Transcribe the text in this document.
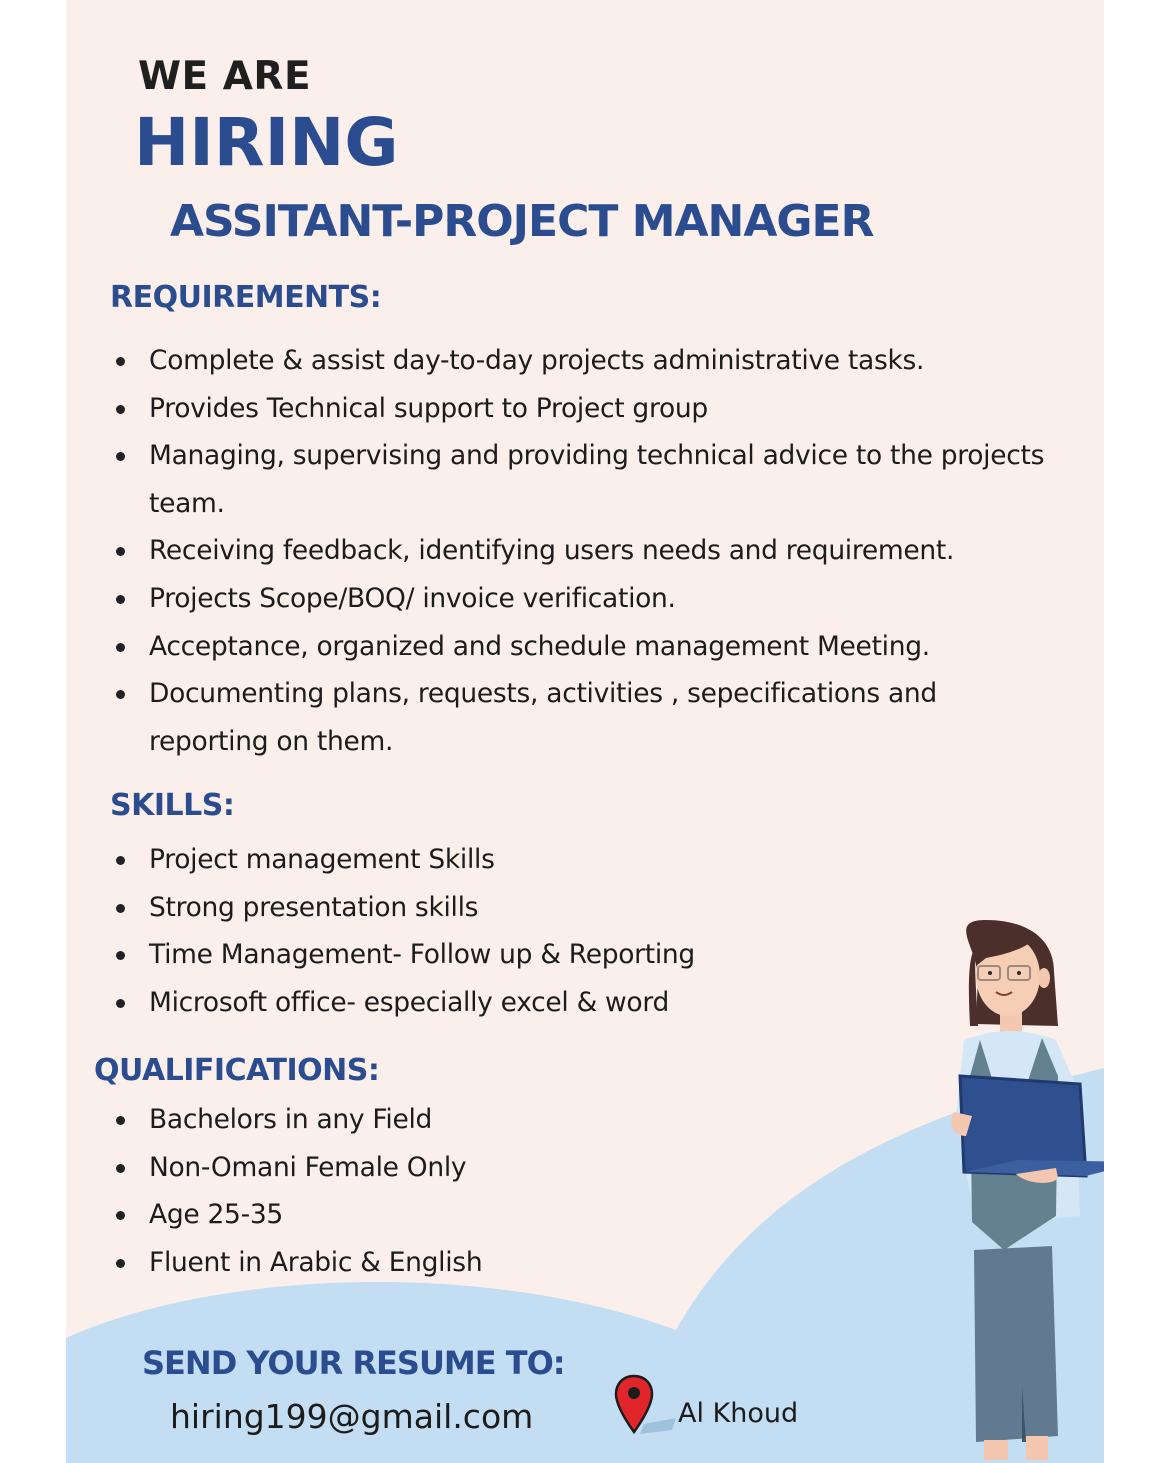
WE ARE
HIRING
ASSITANT-PROJECT MANAGER
REQUIREMENTS:
Complete & assist day-to-day projects administrative tasks.
Provides Technical support to Project group
Managing, supervising and providing technical advice to the projects team.
Receiving feedback, identifying users needs and requirement.
Projects Scope/BOQ/ invoice verification.
Acceptance, organized and schedule management Meeting.
Documenting plans, requests, activities , sepecifications and reporting on them.
SKILLS:
Project management Skills
Strong presentation skills
Time Management- Follow up & Reporting
Microsoft office- especially excel & word
QUALIFICATIONS:
Bachelors in any Field
Non-Omani Female Only
Age 25-35
Fluent in Arabic & English
SEND YOUR RESUME TO:
hiring199@gmail.com	Al Khoud
